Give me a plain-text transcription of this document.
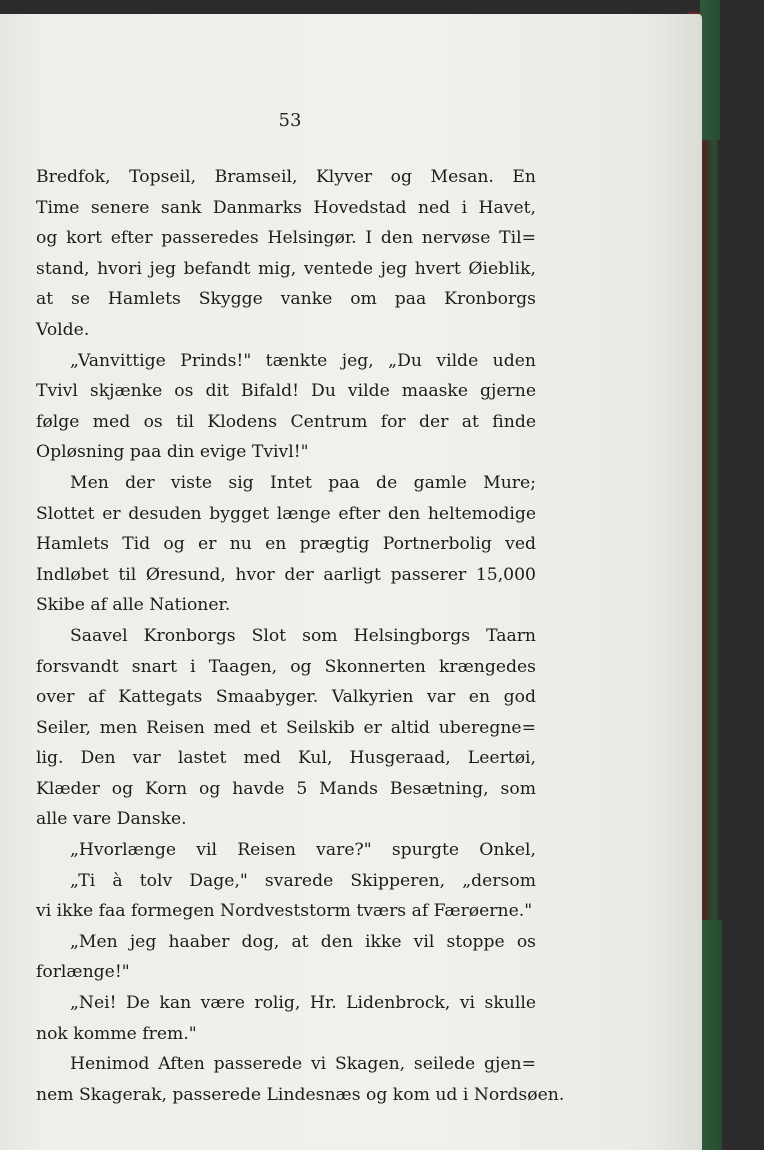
53
Bredfok, Topseil, Bramseil, Klyver og Mesan. En
Time senere sank Danmarks Hovedstad ned i Havet,
og kort efter passeredes Helsingør. I den nervøse Til=
stand, hvori jeg befandt mig, ventede jeg hvert Øieblik,
at se Hamlets Skygge vanke om paa Kronborgs
Volde.
„Vanvittige Prinds!" tænkte jeg, „Du vilde uden
Tvivl skjænke os dit Bifald! Du vilde maaske gjerne
følge med os til Klodens Centrum for der at finde
Opløsning paa din evige Tvivl!"
Men der viste sig Intet paa de gamle Mure;
Slottet er desuden bygget længe efter den heltemodige
Hamlets Tid og er nu en prægtig Portnerbolig ved
Indløbet til Øresund, hvor der aarligt passerer 15,000
Skibe af alle Nationer.
Saavel Kronborgs Slot som Helsingborgs Taarn
forsvandt snart i Taagen, og Skonnerten krængedes
over af Kattegats Smaabyger. Valkyrien var en god
Seiler, men Reisen med et Seilskib er altid uberegne=
lig. Den var lastet med Kul, Husgeraad, Leertøi,
Klæder og Korn og havde 5 Mands Besætning, som
alle vare Danske.
„Hvorlænge vil Reisen vare?" spurgte Onkel,
„Ti à tolv Dage," svarede Skipperen, „dersom
vi ikke faa formegen Nordveststorm tværs af Færøerne."
„Men jeg haaber dog, at den ikke vil stoppe os
forlænge!"
„Nei! De kan være rolig, Hr. Lidenbrock, vi skulle
nok komme frem."
Henimod Aften passerede vi Skagen, seilede gjen=
nem Skagerak, passerede Lindesnæs og kom ud i Nordsøen.
